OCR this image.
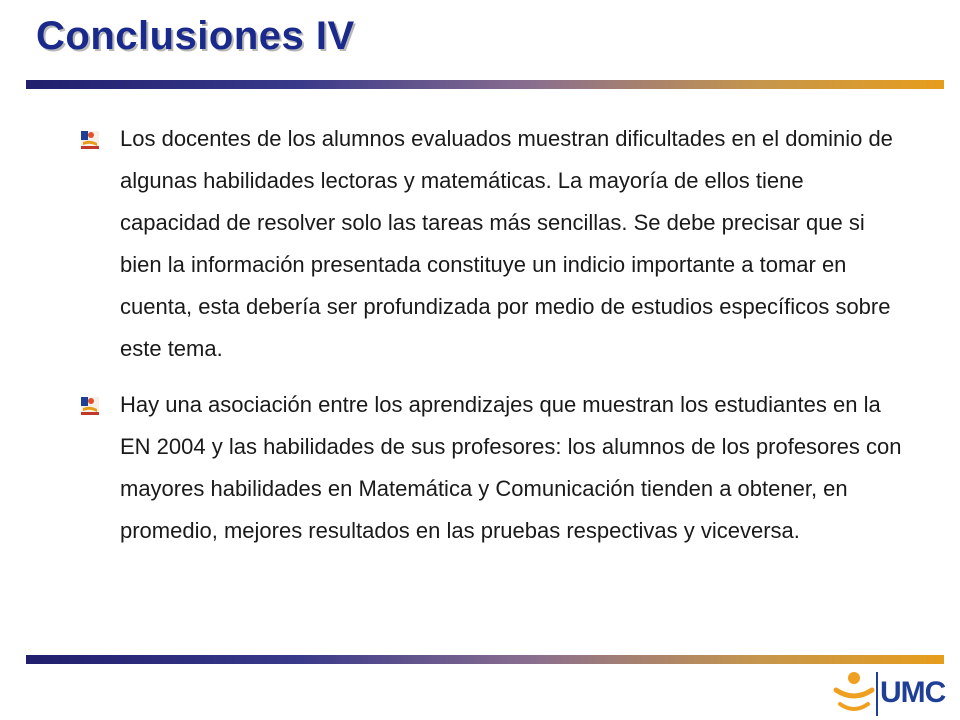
Conclusiones IV
Los docentes de los alumnos evaluados muestran dificultades en el dominio de algunas habilidades lectoras y matemáticas. La mayoría de ellos tiene capacidad de resolver solo las tareas más sencillas. Se debe precisar que si bien la información presentada constituye un indicio importante a tomar en cuenta, esta debería ser profundizada por medio de estudios específicos sobre este tema.
Hay una asociación entre los aprendizajes que muestran los estudiantes en la EN 2004 y las habilidades de sus profesores: los alumnos de los profesores con mayores habilidades en Matemática y Comunicación tienden a obtener, en promedio, mejores resultados en las pruebas respectivas y viceversa.
UMC
